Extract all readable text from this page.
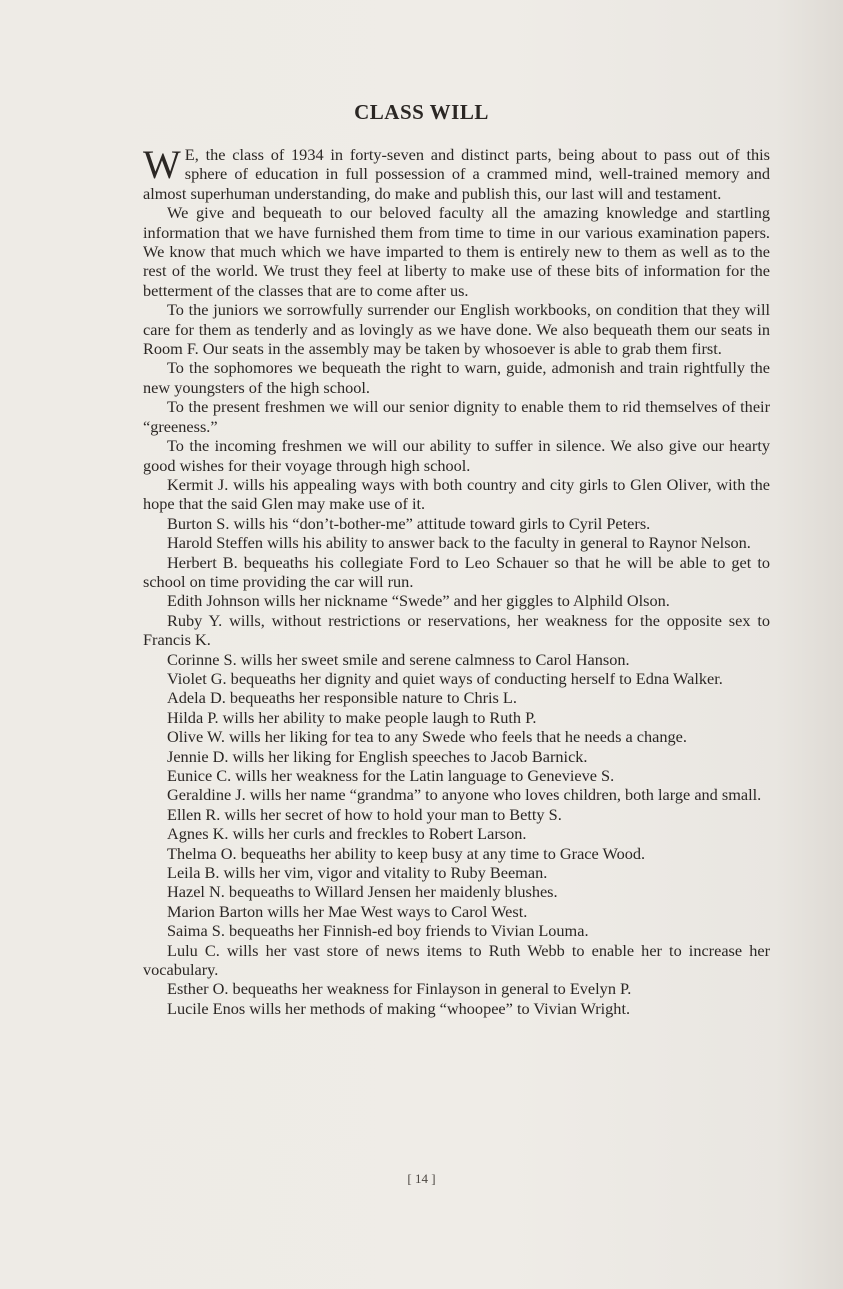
CLASS WILL

W E, the class of 1934 in forty-seven and distinct parts, being about to pass out of this sphere of education in full possession of a crammed mind, well-trained memory and almost superhuman understanding, do make and publish this, our last will and testament.

We give and bequeath to our beloved faculty all the amazing knowledge and startling information that we have furnished them from time to time in our various examination papers. We know that much which we have imparted to them is entirely new to them as well as to the rest of the world. We trust they feel at liberty to make use of these bits of information for the betterment of the classes that are to come after us.

To the juniors we sorrowfully surrender our English workbooks, on condition that they will care for them as tenderly and as lovingly as we have done. We also bequeath them our seats in Room F. Our seats in the assembly may be taken by whosoever is able to grab them first.

To the sophomores we bequeath the right to warn, guide, admonish and train rightfully the new youngsters of the high school.

To the present freshmen we will our senior dignity to enable them to rid themselves of their “greeness.”

To the incoming freshmen we will our ability to suffer in silence. We also give our hearty good wishes for their voyage through high school.

Kermit J. wills his appealing ways with both country and city girls to Glen Oliver, with the hope that the said Glen may make use of it.

Burton S. wills his “don’t-bother-me” attitude toward girls to Cyril Peters.

Harold Steffen wills his ability to answer back to the faculty in general to Raynor Nelson.

Herbert B. bequeaths his collegiate Ford to Leo Schauer so that he will be able to get to school on time providing the car will run.

Edith Johnson wills her nickname “Swede” and her giggles to Alphild Olson.

Ruby Y. wills, without restrictions or reservations, her weakness for the opposite sex to Francis K.

Corinne S. wills her sweet smile and serene calmness to Carol Hanson.

Violet G. bequeaths her dignity and quiet ways of conducting herself to Edna Walker.

Adela D. bequeaths her responsible nature to Chris L.

Hilda P. wills her ability to make people laugh to Ruth P.

Olive W. wills her liking for tea to any Swede who feels that he needs a change.

Jennie D. wills her liking for English speeches to Jacob Barnick.

Eunice C. wills her weakness for the Latin language to Genevieve S.

Geraldine J. wills her name “grandma” to anyone who loves children, both large and small.

Ellen R. wills her secret of how to hold your man to Betty S.

Agnes K. wills her curls and freckles to Robert Larson.

Thelma O. bequeaths her ability to keep busy at any time to Grace Wood.

Leila B. wills her vim, vigor and vitality to Ruby Beeman.

Hazel N. bequeaths to Willard Jensen her maidenly blushes.

Marion Barton wills her Mae West ways to Carol West.

Saima S. bequeaths her Finnish-ed boy friends to Vivian Louma.

Lulu C. wills her vast store of news items to Ruth Webb to enable her to increase her vocabulary.

Esther O. bequeaths her weakness for Finlayson in general to Evelyn P.

Lucile Enos wills her methods of making “whoopee” to Vivian Wright.

[ 14 ]
